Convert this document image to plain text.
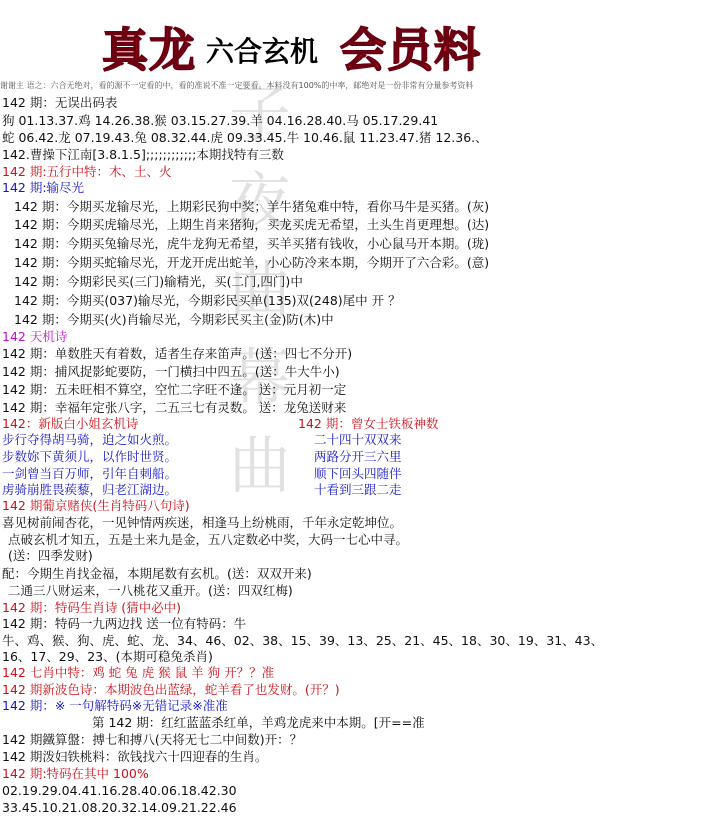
真龙 六合玄机 会员料
子
夜
曲
幕
曲
谢谢主 语之：六合无绝对，看的源不一定看的中，看的准说不准一定要看。本料没有100%的中率，邮绝对是一份非常有分量参考资料
142 期：无误出码表
狗 01.13.37.鸡 14.26.38.猴 03.15.27.39.羊 04.16.28.40.马 05.17.29.41
蛇 06.42.龙 07.19.43.兔 08.32.44.虎 09.33.45.牛 10.46.鼠 11.23.47.猪 12.36.、
142.曹操下江南[3.8.1.5];;;;;;;;;;;;本期找特有三数
142 期:五行中特：木、土、火
142 期:输尽光
142 期：今期买龙输尽光，上期彩民狗中奖；羊牛猪兔难中特，看你马牛是买猪。(灰)
142 期：今期买虎输尽光，上期生肖来猪狗，买龙买虎无希望，土头生肖更理想。(达)
142 期：今期买兔输尽光，虎牛龙狗无希望，买羊买猪有钱收，小心鼠马开本期。(珑)
142 期：今期买蛇输尽光，开龙开虎出蛇羊，小心防冷来本期，今期开了六合彩。(意)
142 期：今期彩民买(三门)输精光，买(二门,四门)中
142 期：今期买(037)输尽光，今期彩民买单(135)双(248)尾中 开 ？
142 期：今期买(火)肖输尽光，今期彩民买主(金)防(木)中
142 天机诗
142 期：单数胜天有着数，适者生存来笛声。(送：四七不分开)
142 期：捕风捉影蛇要防，一门横扫中四五。(送：牛大牛小)
142 期：五未旺相不算空，空忙二字旺不逢。 送：元月初一定
142 期：幸福年定张八字，二五三七有灵数。 送：龙兔送财来
142：新版白小姐玄机诗	142 期：曾女士铁板神数
步行夺得胡马骑，迫之如火煎。	二十四十双双来
步数妳下黄须儿，以作时世贤。	两路分开三六里
一剑曾当百万师，引年自刺船。	顺下回头四随伴
虏骑崩胜畏蒺藜，归老江湖边。	十看到三跟二走
142 期葡京赌侠(生肖特码八句诗)
喜见树前闹杏花，一见钟情两疾迷，相逢马上纷桃雨，千年永定乾坤位。
点破玄机才知五，五是土来九是金，五八定数必中奖，大码一七心中寻。
(送：四季发财)
配：今期生肖找金福，本期尾数有玄机。(送：双双开来)
二通三八财运来，一八桃花又重开。(送：四双红梅)
142 期：特码生肖诗 (猜中必中)
142 期：特码一九两边找 送一位有特码：牛
牛、鸡、猴、狗、虎、蛇、龙、34、46、02、38、15、39、13、25、21、45、18、30、19、31、43、
16、17、29、23、(本期可稳兔杀肖)
142 七肖中特：鸡 蛇 兔 虎 猴 鼠 羊 狗 开？？准
142 期新波色诗：本期波色出蓝绿，蛇羊看了也发财。(开？)
142 期：※ 一句解特码※无错记录※准准
第 142 期：红红蓝蓝杀红单，羊鸡龙虎来中本期。[开==准
142 期鐵算盤：搏七和搏八(天将无七二中间数)开：？
142 期泼妇铁桃料：欲钱找六十四迎春的生肖。
142 期:特码在其中 100%
02.19.29.04.41.16.28.40.06.18.42.30
33.45.10.21.08.20.32.14.09.21.22.46
